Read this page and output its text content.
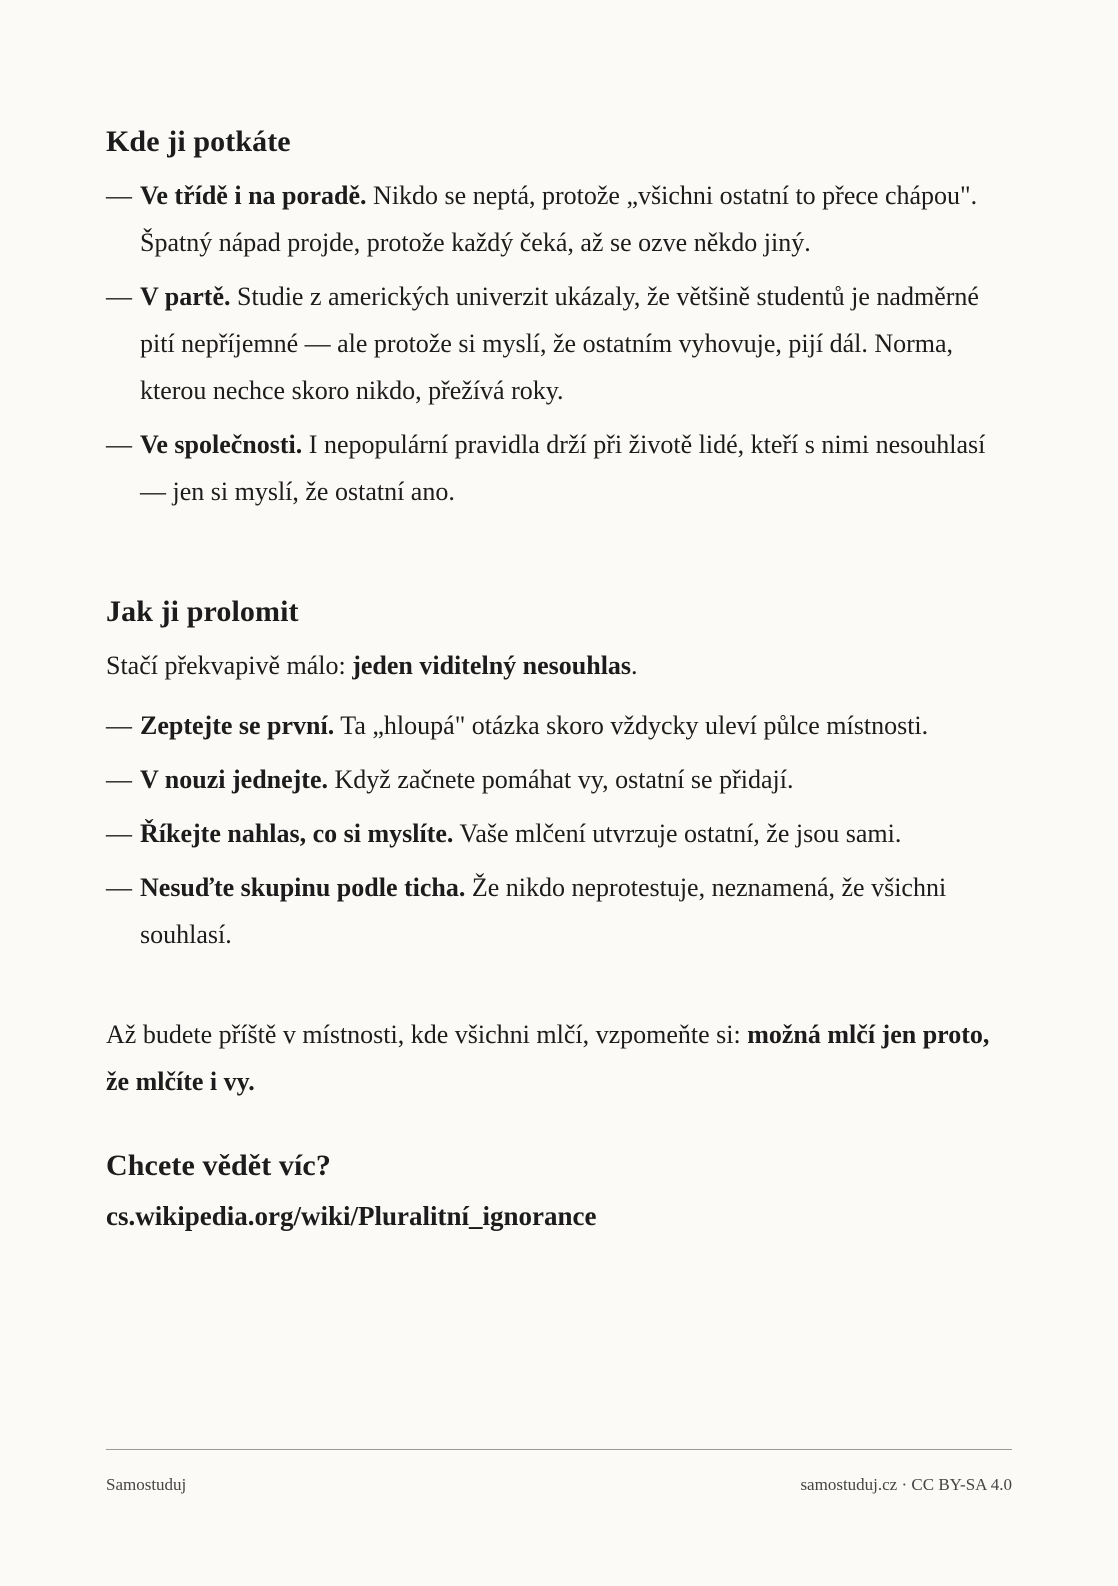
Kde ji potkáte
— Ve třídě i na poradě. Nikdo se neptá, protože „všichni ostatní to přece chápou". Špatný nápad projde, protože každý čeká, až se ozve někdo jiný.
— V partě. Studie z amerických univerzit ukázaly, že většině studentů je nadměrné pití nepříjemné — ale protože si myslí, že ostatním vyhovuje, pijí dál. Norma, kterou nechce skoro nikdo, přežívá roky.
— Ve společnosti. I nepopulární pravidla drží při životě lidé, kteří s nimi nesouhlasí — jen si myslí, že ostatní ano.
Jak ji prolomit

Stačí překvapivě málo: jeden viditelný nesouhlas.

— Zeptejte se první. Ta „hloupá" otázka skoro vždycky uleví půlce místnosti.
— V nouzi jednejte. Když začnete pomáhat vy, ostatní se přidají.
— Říkejte nahlas, co si myslíte. Vaše mlčení utvrzuje ostatní, že jsou sami.
— Nesuďte skupinu podle ticha. Že nikdo neprotestuje, neznamená, že všichni souhlasí.

Až budete příště v místnosti, kde všichni mlčí, vzpomeňte si: možná mlčí jen proto, že mlčíte i vy.

Chcete vědět víc?

cs.wikipedia.org/wiki/Pluralitní_ignorance

Samostuduj	samostuduj.cz · CC BY-SA 4.0
